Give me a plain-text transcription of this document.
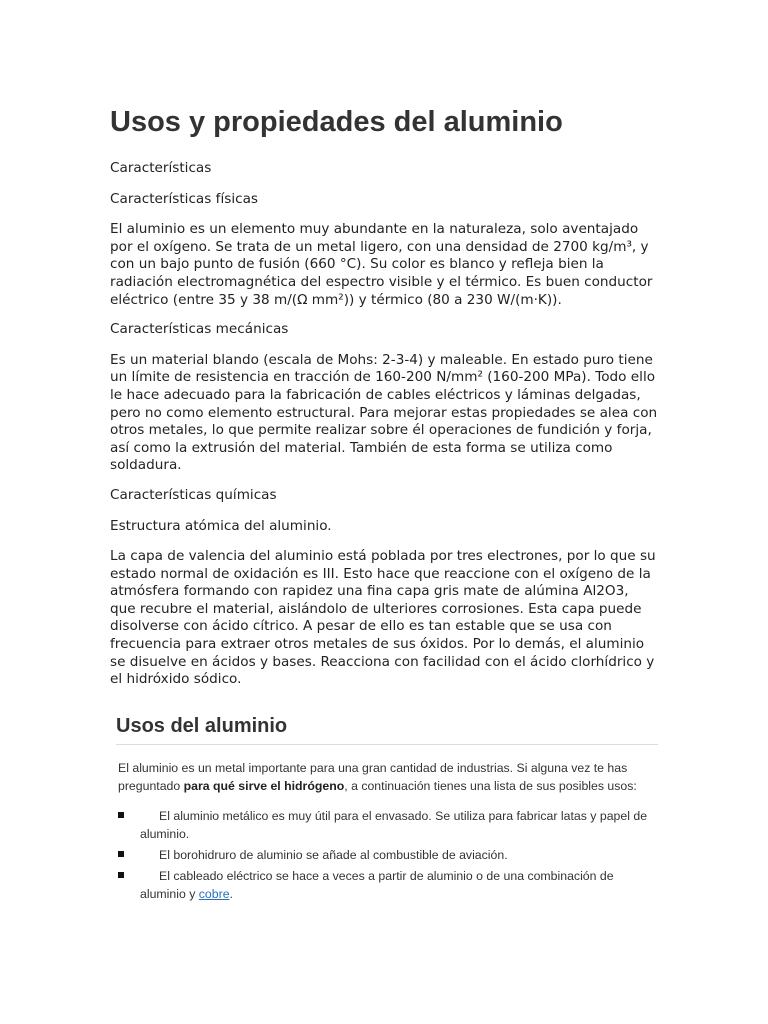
Usos y propiedades del aluminio

Características

Características físicas

El aluminio es un elemento muy abundante en la naturaleza, solo aventajado por el oxígeno. Se trata de un metal ligero, con una densidad de 2700 kg/m³, y con un bajo punto de fusión (660 °C). Su color es blanco y refleja bien la radiación electromagnética del espectro visible y el térmico. Es buen conductor eléctrico (entre 35 y 38 m/(Ω mm²)) y térmico (80 a 230 W/(m·K)).

Características mecánicas

Es un material blando (escala de Mohs: 2-3-4) y maleable. En estado puro tiene un límite de resistencia en tracción de 160-200 N/mm² (160-200 MPa). Todo ello le hace adecuado para la fabricación de cables eléctricos y láminas delgadas, pero no como elemento estructural. Para mejorar estas propiedades se alea con otros metales, lo que permite realizar sobre él operaciones de fundición y forja, así como la extrusión del material. También de esta forma se utiliza como soldadura.

Características químicas

Estructura atómica del aluminio.

La capa de valencia del aluminio está poblada por tres electrones, por lo que su estado normal de oxidación es III. Esto hace que reaccione con el oxígeno de la atmósfera formando con rapidez una fina capa gris mate de alúmina Al2O3, que recubre el material, aislándolo de ulteriores corrosiones. Esta capa puede disolverse con ácido cítrico. A pesar de ello es tan estable que se usa con frecuencia para extraer otros metales de sus óxidos. Por lo demás, el aluminio se disuelve en ácidos y bases. Reacciona con facilidad con el ácido clorhídrico y el hidróxido sódico.

Usos del aluminio

El aluminio es un metal importante para una gran cantidad de industrias. Si alguna vez te has preguntado para qué sirve el hidrógeno, a continuación tienes una lista de sus posibles usos:

El aluminio metálico es muy útil para el envasado. Se utiliza para fabricar latas y papel de aluminio.
El borohidruro de aluminio se añade al combustible de aviación.
El cableado eléctrico se hace a veces a partir de aluminio o de una combinación de aluminio y cobre.
